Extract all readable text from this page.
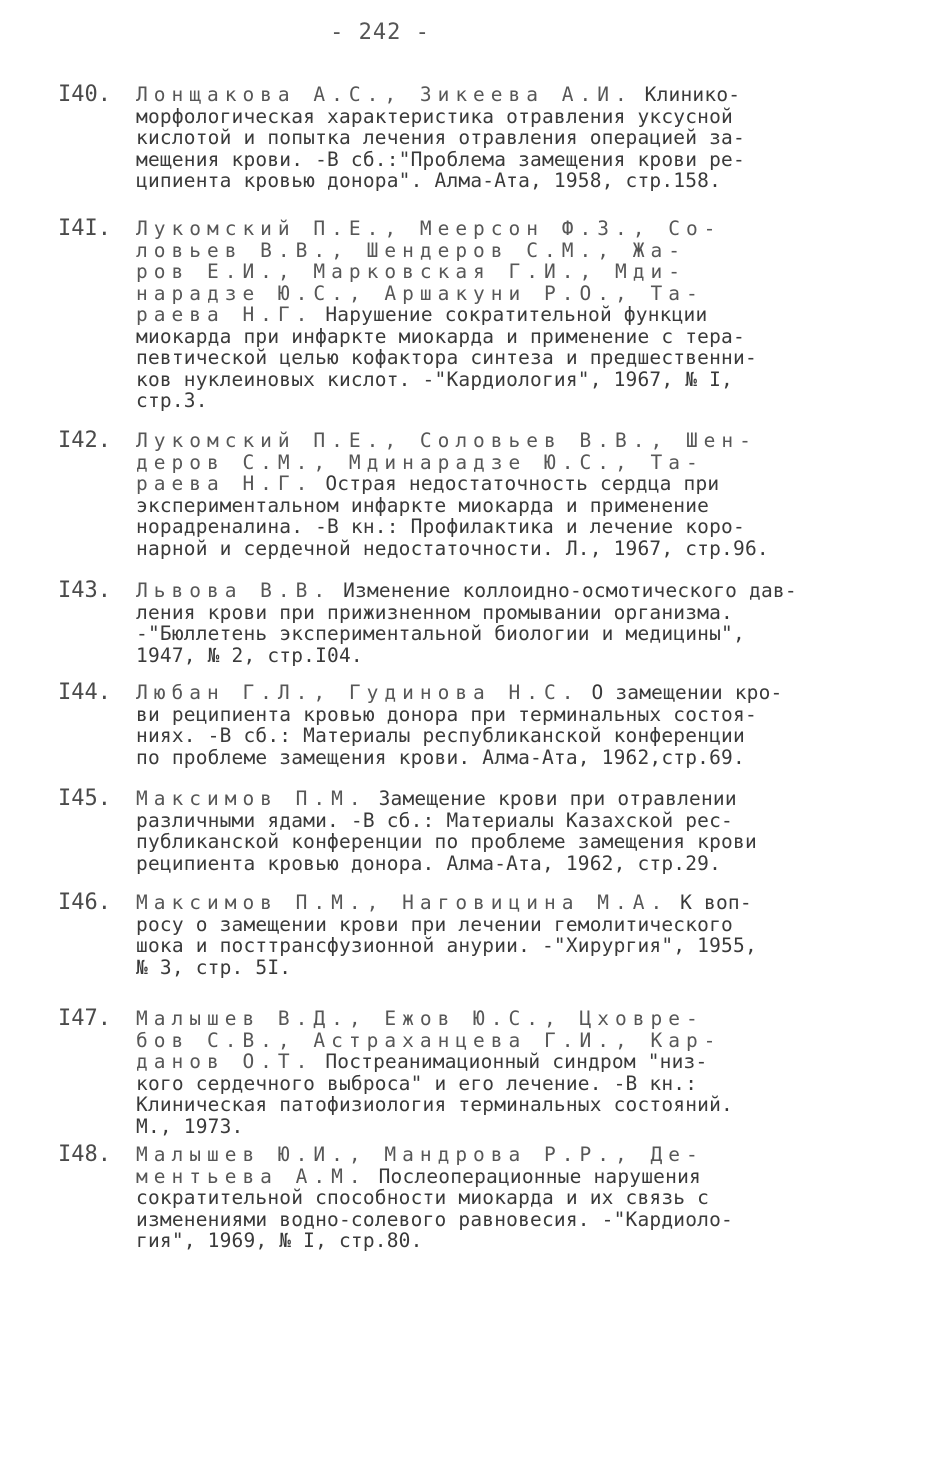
- 242 -
I40. Лонщакова А.С., Зикеева А.И. Клинико-
морфологическая характеристика отравления уксусной
кислотой и попытка лечения отравления операцией за-
мещения крови. -В сб.:"Проблема замещения крови ре-
ципиента кровью донора". Алма-Ата, 1958, стр.158.
I4I. Лукомский П.Е., Меерсон Ф.З., Со-
ловьев В.В., Шендеров С.М., Жа-
ров Е.И., Марковская Г.И., Мди-
нарадзе Ю.С., Аршакуни Р.О., Та-
раева Н.Г. Нарушение сократительной функции
миокарда при инфаркте миокарда и применение с тера-
певтической целью кофактора синтеза и предшественни-
ков нуклеиновых кислот. -"Кардиология", 1967, № I,
стр.3.
I42. Лукомский П.Е., Соловьев В.В., Шен-
деров С.М., Мдинарадзе Ю.С., Та-
раева Н.Г. Острая недостаточность сердца при
экспериментальном инфаркте миокарда и применение
норадреналина. -В кн.: Профилактика и лечение коро-
нарной и сердечной недостаточности. Л., 1967, стр.96.
I43. Львова В.В. Изменение коллоидно-осмотического дав-
ления крови при прижизненном промывании организма.
-"Бюллетень экспериментальной биологии и медицины",
1947, № 2, стр.I04.
I44. Любан Г.Л., Гудинова Н.С. О замещении кро-
ви реципиента кровью донора при терминальных состоя-
ниях. -В сб.: Материалы республиканской конференции
по проблеме замещения крови. Алма-Ата, 1962,стр.69.
I45. Максимов П.М. Замещение крови при отравлении
различными ядами. -В сб.: Материалы Казахской рес-
публиканской конференции по проблеме замещения крови
реципиента кровью донора. Алма-Ата, 1962, стр.29.
I46. Максимов П.М., Наговицина М.А. К воп-
росу о замещении крови при лечении гемолитического
шока и посттрансфузионной анурии. -"Хирургия", 1955,
№ 3, стр. 5I.
I47. Малышев В.Д., Ежов Ю.С., Цховре-
бов С.В., Астраханцева Г.И., Кар-
данов О.Т. Постреанимационный синдром "низ-
кого сердечного выброса" и его лечение. -В кн.:
Клиническая патофизиология терминальных состояний.
М., 1973.
I48. Малышев Ю.И., Мандрова Р.Р., Де-
ментьева А.М. Послеоперационные нарушения
сократительной способности миокарда и их связь с
изменениями водно-солевого равновесия. -"Кардиоло-
гия", 1969, № I, стр.80.
